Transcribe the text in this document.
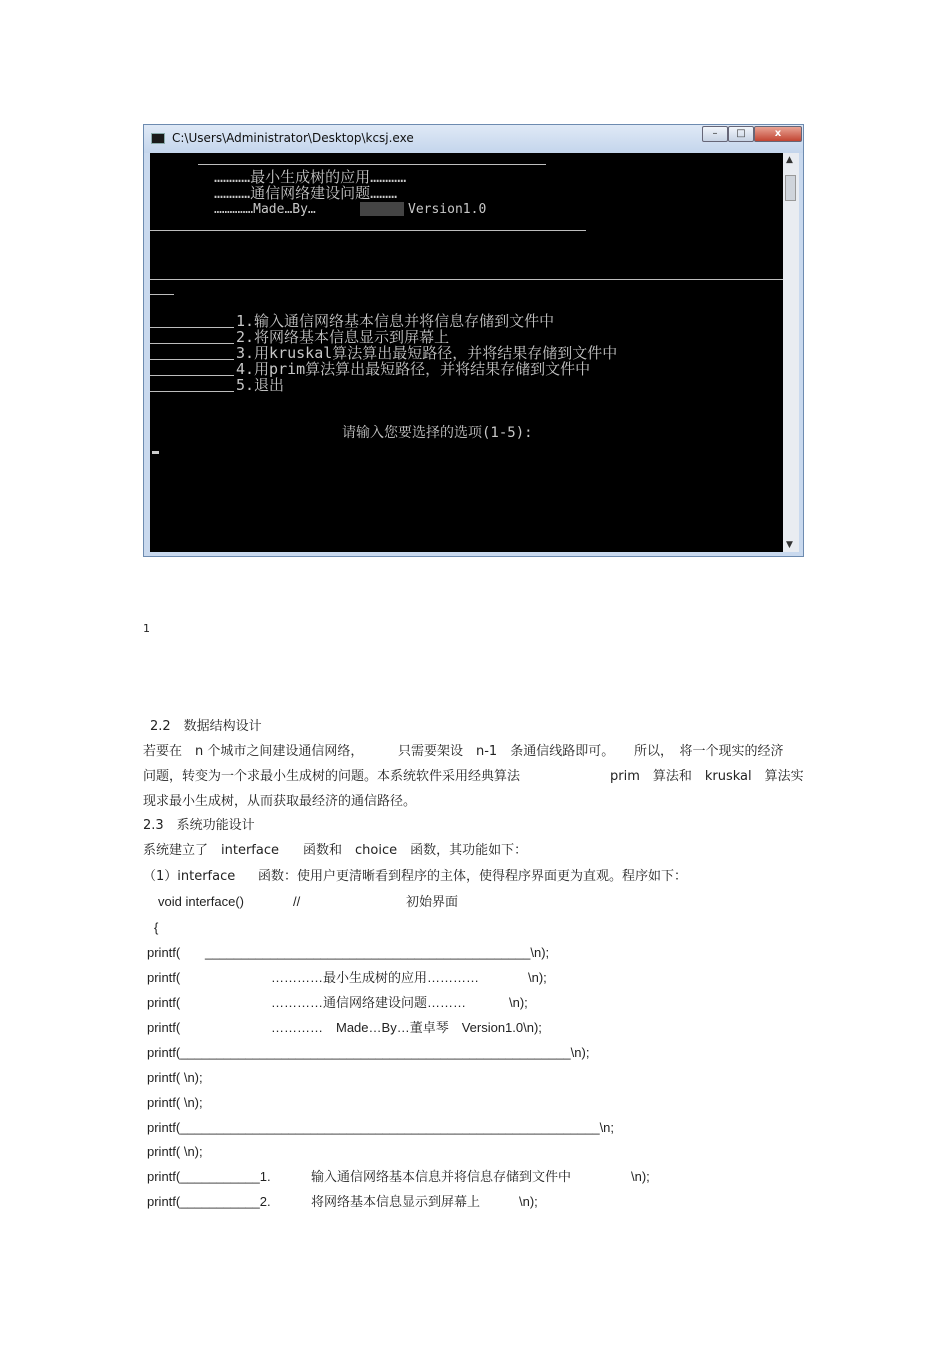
C:\Users\Administrator\Desktop\kcsj.exe	–	□	x
…………最小生成树的应用…………
…………通信网络建设问题………
……………Made…By…	Version1.0
1.输入通信网络基本信息并将信息存储到文件中
2.将网络基本信息显示到屏幕上
3.用kruskal算法算出最短路径，并将结果存储到文件中
4.用prim算法算出最短路径，并将结果存储到文件中
5.退出
请输入您要选择的选项(1-5):
▲
▼
1
2.2　数据结构设计
若要在　n 个城市之间建设通信网络，	只需要架设　n-1　条通信线路即可。 所以，　将一个现实的经济
问题，转变为一个求最小生成树的问题。本系统软件采用经典算法	prim　算法和　kruskal　算法实
现求最小生成树，从而获取最经济的通信路径。
2.3　系统功能设计
系统建立了　interface 函数和　choice　函数，其功能如下：
（1）interface 函数：使用户更清晰看到程序的主体，使得程序界面更为直观。程序如下：
void interface()	//	初始界面
{
printf( _____________________________________________\n);
printf(	…………最小生成树的应用…………	\n);
printf(	…………通信网络建设问题………	\n);
printf(	…………　Made…By…董卓琴　Version1.0\n);
printf(______________________________________________________\n);
printf( \n);
printf( \n);
printf(__________________________________________________________\n;
printf( \n);
printf(___________1.	输入通信网络基本信息并将信息存储到文件中	\n);
printf(___________2.	将网络基本信息显示到屏幕上	\n);
